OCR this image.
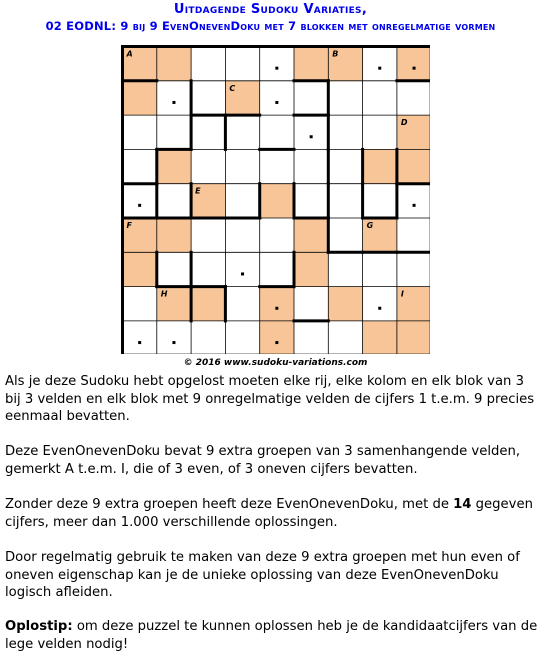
Uitdagende Sudoku Variaties,
02 EODNL: 9 bij 9 EvenOnevenDoku met 7 blokken met onregelmatige vormen
A	B
C
D
E
F	G
H	I
© 2016 www.sudoku-variations.com

Als je deze Sudoku hebt opgelost moeten elke rij, elke kolom en elk blok van 3 bij 3 velden en elk blok met 9 onregelmatige velden de cijfers 1 t.e.m. 9 precies eenmaal bevatten.

Deze EvenOnevenDoku bevat 9 extra groepen van 3 samenhangende velden, gemerkt A t.e.m. I, die of 3 even, of 3 oneven cijfers bevatten.

Zonder deze 9 extra groepen heeft deze EvenOnevenDoku, met de 14 gegeven cijfers, meer dan 1.000 verschillende oplossingen.

Door regelmatig gebruik te maken van deze 9 extra groepen met hun even of oneven eigenschap kan je de unieke oplossing van deze EvenOnevenDoku logisch afleiden.

Oplostip: om deze puzzel te kunnen oplossen heb je de kandidaatcijfers van de lege velden nodig!
